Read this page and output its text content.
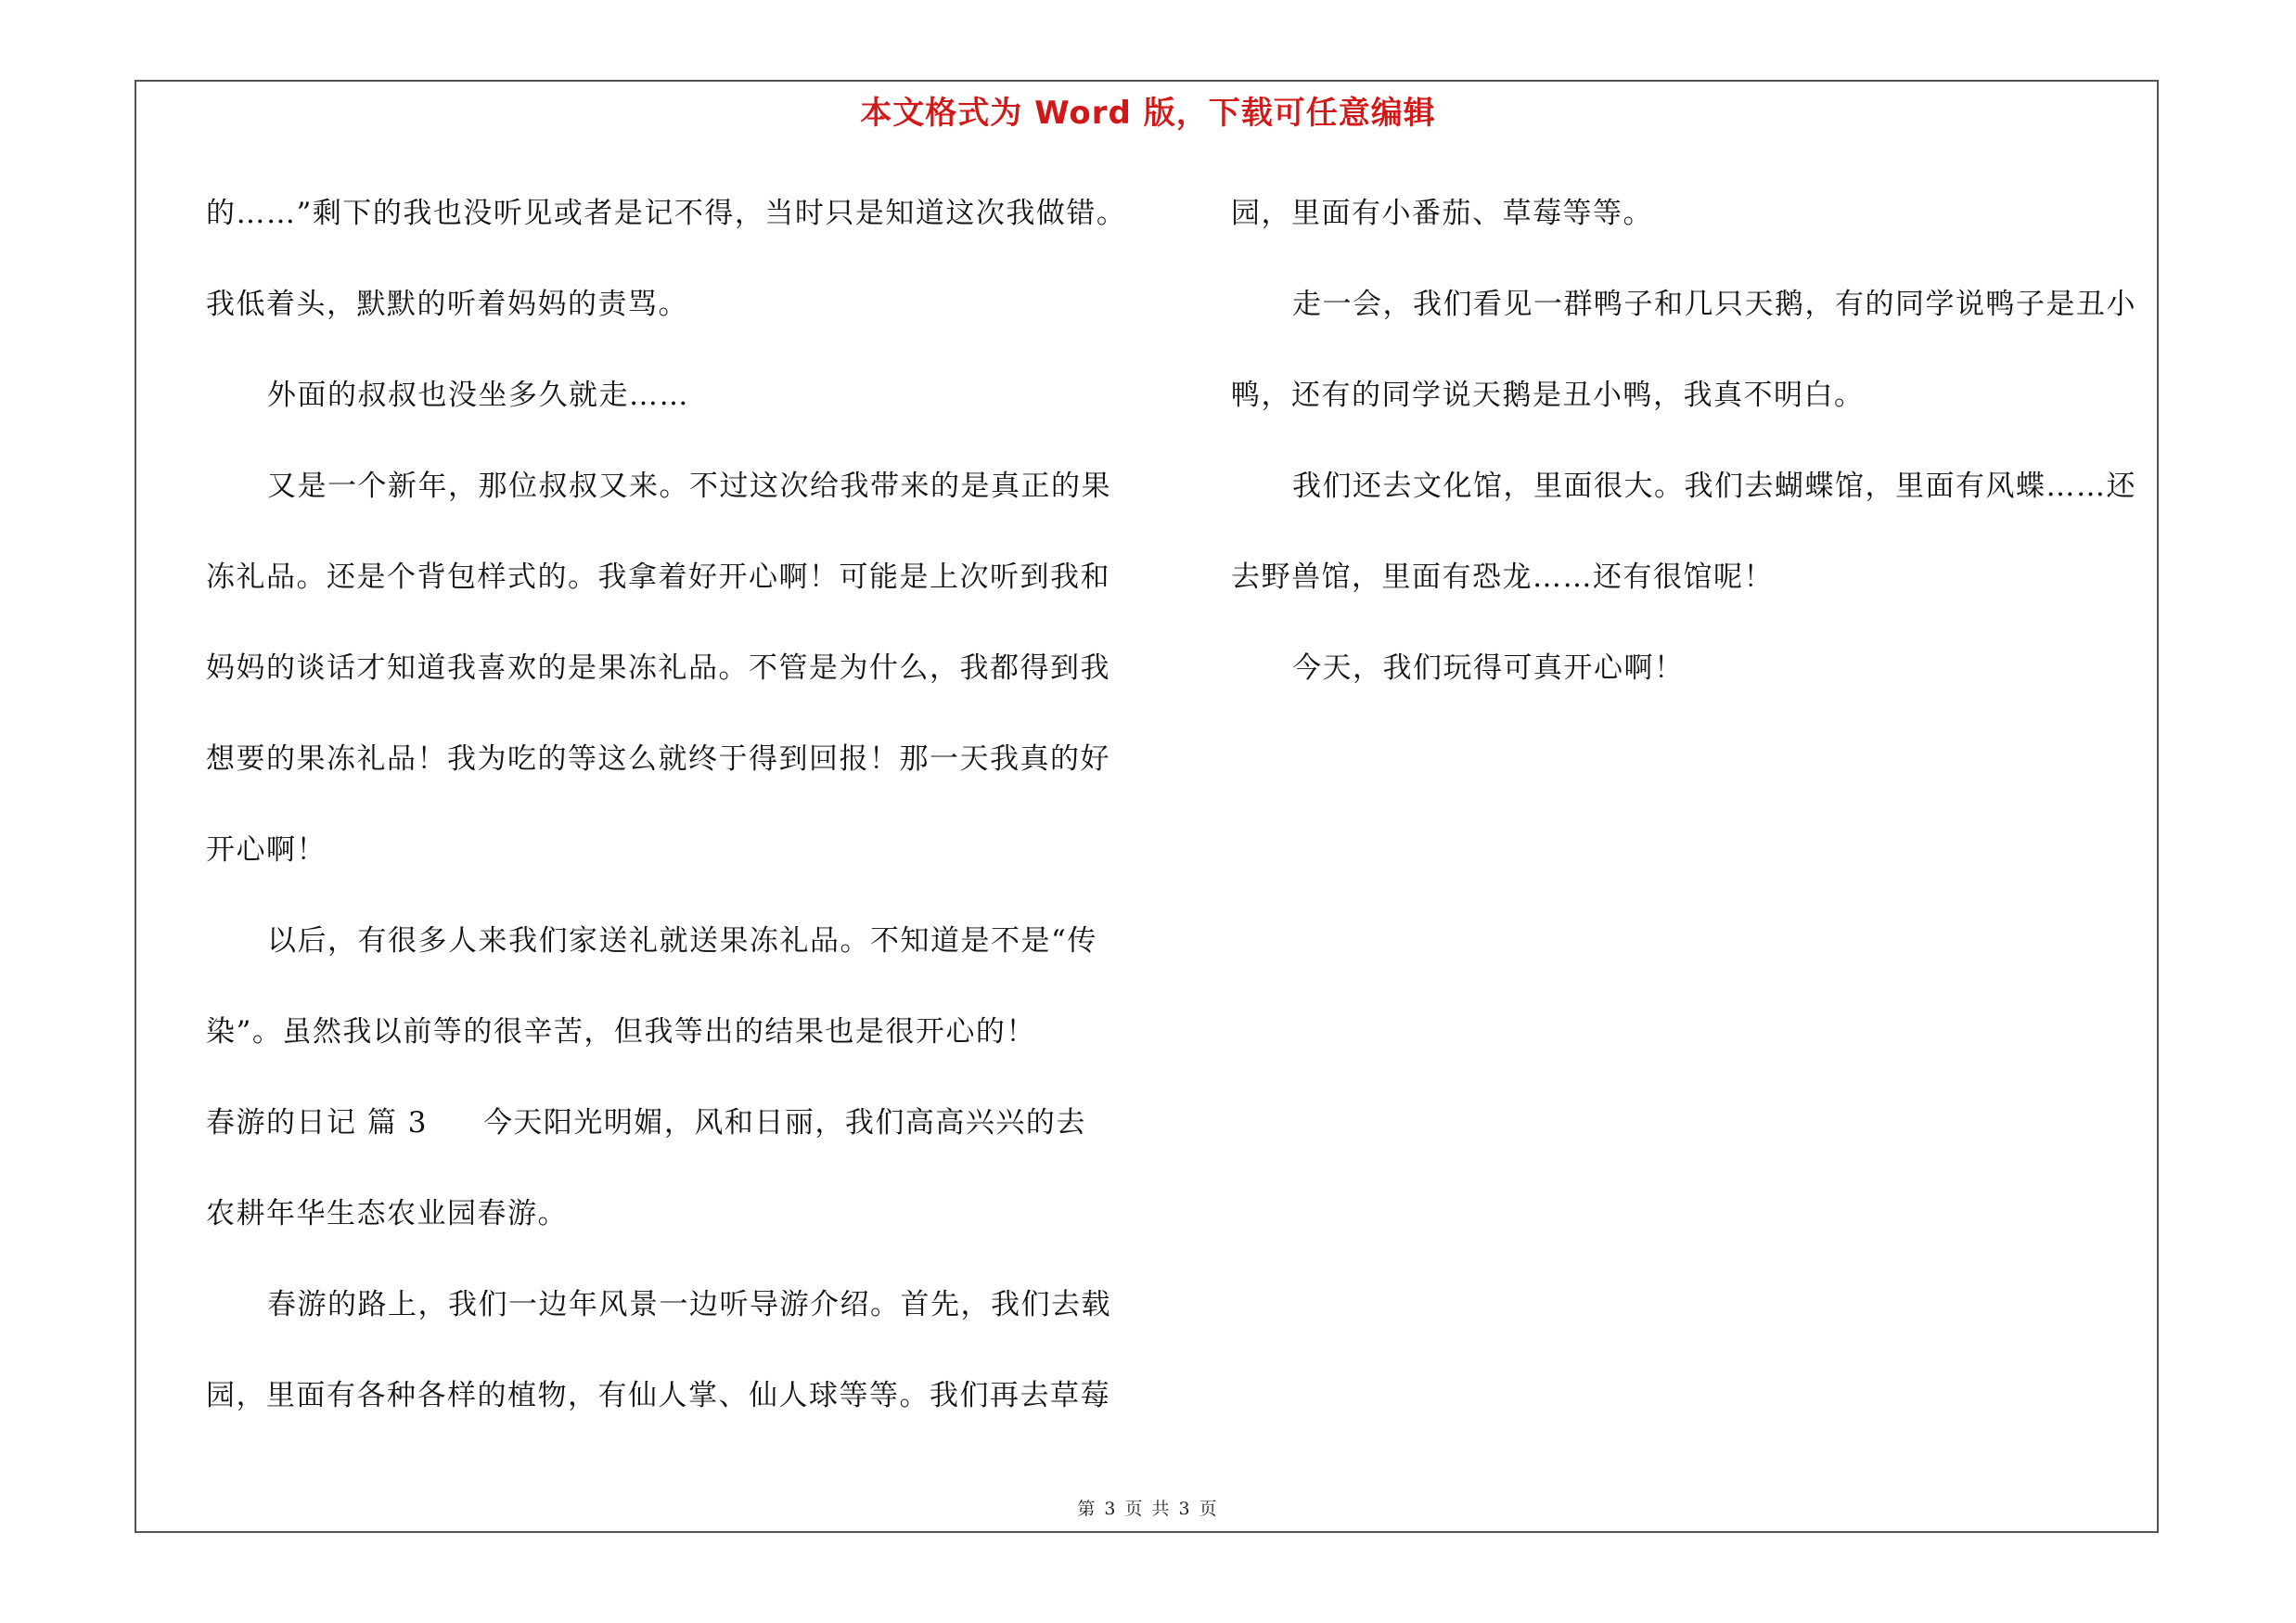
本文格式为 Word 版，下载可任意编辑
的……”剩下的我也没听见或者是记不得，当时只是知道这次我做错。
我低着头，默默的听着妈妈的责骂。
外面的叔叔也没坐多久就走……
又是一个新年，那位叔叔又来。不过这次给我带来的是真正的果
冻礼品。还是个背包样式的。我拿着好开心啊！可能是上次听到我和
妈妈的谈话才知道我喜欢的是果冻礼品。不管是为什么，我都得到我
想要的果冻礼品！我为吃的等这么就终于得到回报！那一天我真的好
开心啊！
以后，有很多人来我们家送礼就送果冻礼品。不知道是不是“传
染”。虽然我以前等的很辛苦，但我等出的结果也是很开心的！
春游的日记 篇 3 今天阳光明媚，风和日丽，我们高高兴兴的去
农耕年华生态农业园春游。
春游的路上，我们一边年风景一边听导游介绍。首先，我们去载
园，里面有各种各样的植物，有仙人掌、仙人球等等。我们再去草莓
园，里面有小番茄、草莓等等。
走一会，我们看见一群鸭子和几只天鹅，有的同学说鸭子是丑小
鸭，还有的同学说天鹅是丑小鸭，我真不明白。
我们还去文化馆，里面很大。我们去蝴蝶馆，里面有风蝶……还
去野兽馆，里面有恐龙……还有很馆呢！
今天，我们玩得可真开心啊！
第 3 页 共 3 页
